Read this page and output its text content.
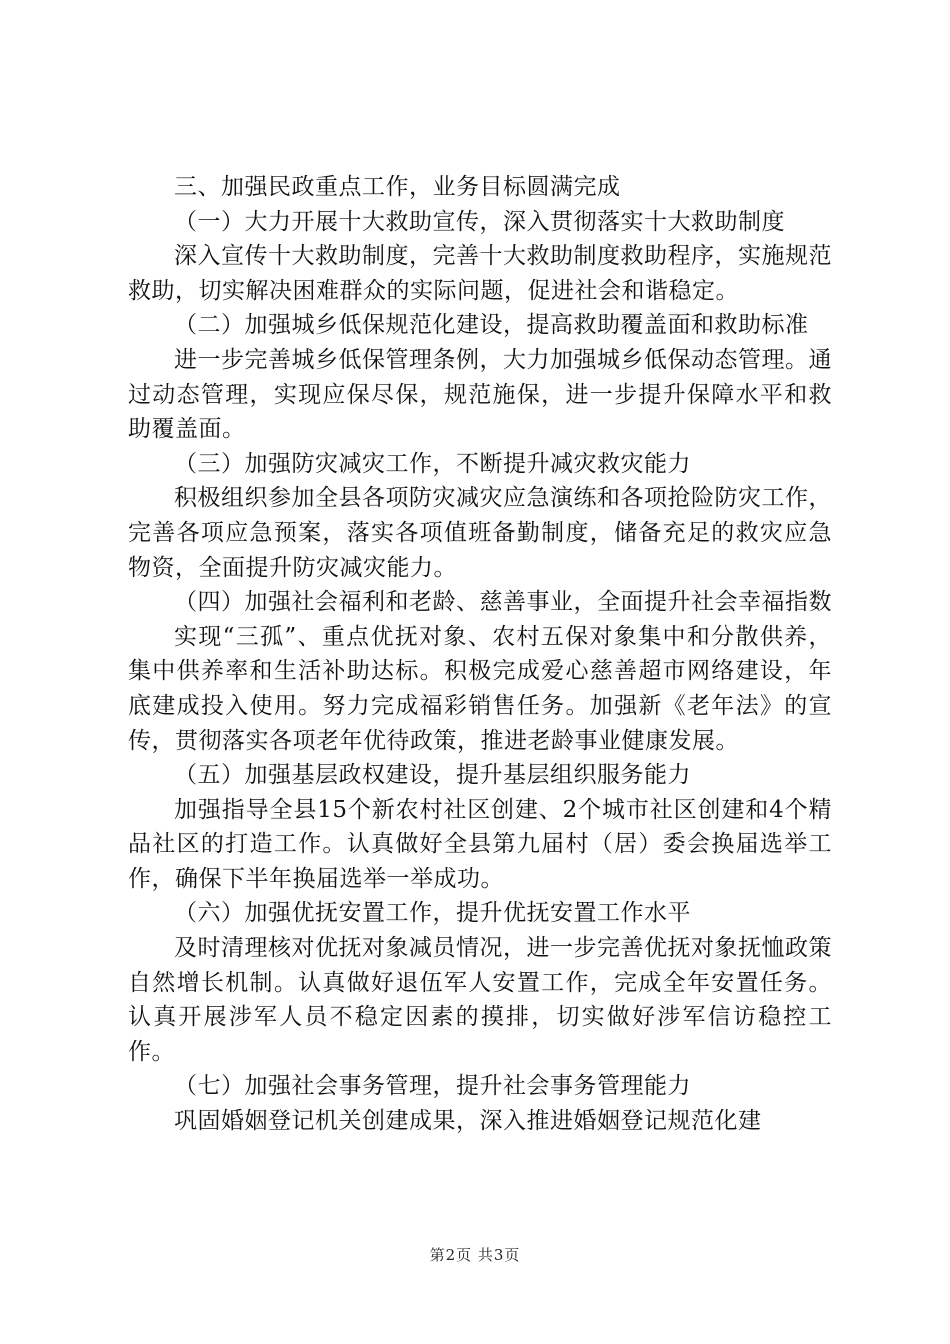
三、加强民政重点工作，业务目标圆满完成

（一）大力开展十大救助宣传，深入贯彻落实十大救助制度

深入宣传十大救助制度，完善十大救助制度救助程序，实施规范救助，切实解决困难群众的实际问题，促进社会和谐稳定。

（二）加强城乡低保规范化建设，提高救助覆盖面和救助标准

进一步完善城乡低保管理条例，大力加强城乡低保动态管理。通过动态管理，实现应保尽保，规范施保，进一步提升保障水平和救助覆盖面。

（三）加强防灾减灾工作，不断提升减灾救灾能力

积极组织参加全县各项防灾减灾应急演练和各项抢险防灾工作，完善各项应急预案，落实各项值班备勤制度，储备充足的救灾应急物资，全面提升防灾减灾能力。

（四）加强社会福利和老龄、慈善事业，全面提升社会幸福指数

实现“三孤”、重点优抚对象、农村五保对象集中和分散供养，集中供养率和生活补助达标。积极完成爱心慈善超市网络建设，年底建成投入使用。努力完成福彩销售任务。加强新《老年法》的宣传，贯彻落实各项老年优待政策，推进老龄事业健康发展。

（五）加强基层政权建设，提升基层组织服务能力

加强指导全县15个新农村社区创建、2个城市社区创建和4个精品社区的打造工作。认真做好全县第九届村（居）委会换届选举工作，确保下半年换届选举一举成功。

（六）加强优抚安置工作，提升优抚安置工作水平

及时清理核对优抚对象减员情况，进一步完善优抚对象抚恤政策自然增长机制。认真做好退伍军人安置工作，完成全年安置任务。认真开展涉军人员不稳定因素的摸排，切实做好涉军信访稳控工作。

（七）加强社会事务管理，提升社会事务管理能力

巩固婚姻登记机关创建成果，深入推进婚姻登记规范化建

第2页 共3页
